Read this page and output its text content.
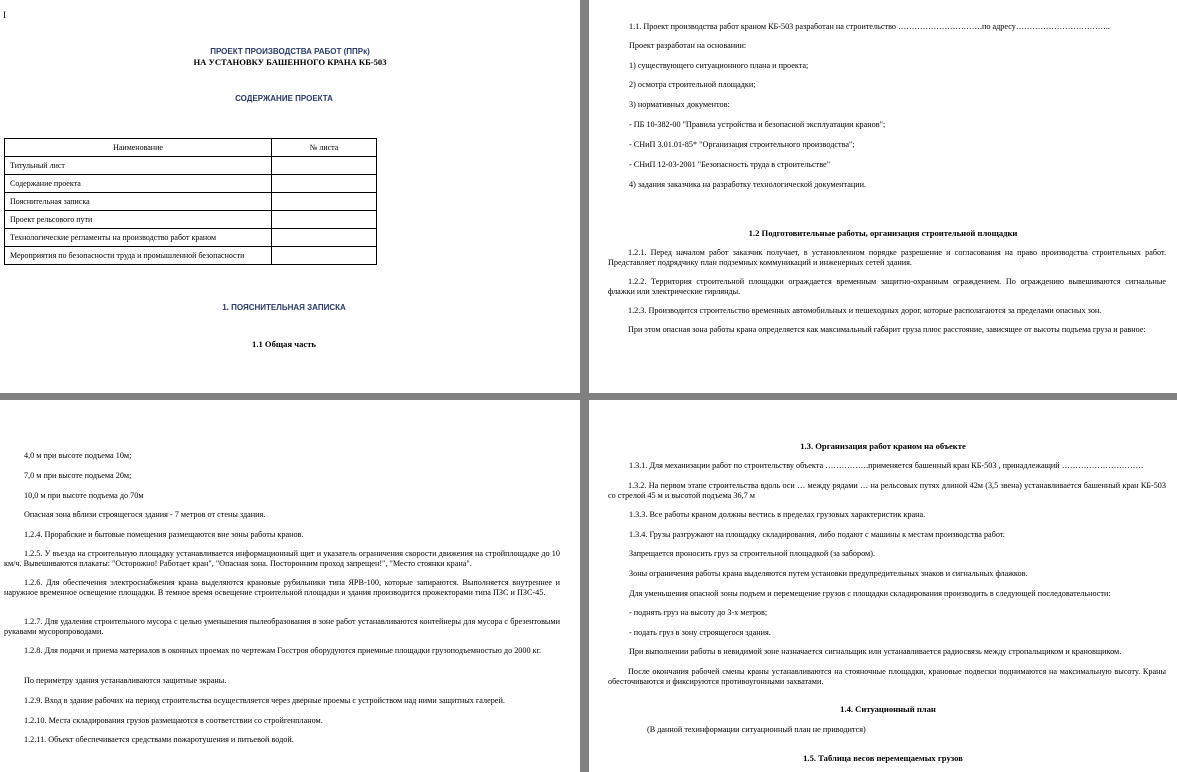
I
ПРОЕКТ ПРОИЗВОДСТВА РАБОТ (ППРк)
НА УСТАНОВКУ БАШЕННОГО КРАНА КБ-503
СОДЕРЖАНИЕ ПРОЕКТА
Наименование	№ листа
Титульный лист	
Содержание проекта	
Пояснительная записка	
Проект рельсового пути	
Технологические регламенты на производство работ краном	
Мероприятия по безопасности труда и промышленной безопасности	
1. ПОЯСНИТЕЛЬНАЯ ЗАПИСКА
1.1 Общая часть
1.1. Проект производства работ краном КБ-503 разработан на строительство ………………………….по адресу……………………………..
Проект разработан на основании:
1) существующего ситуационного плана и проекта;
2) осмотра строительной площадки;
3) нормативных документов:
- ПБ 10-382-00 "Правила устройства и безопасной эксплуатации кранов";
- СНиП 3.01.01-85* "Организация строительного производства";
- СНиП 12-03-2001 "Безопасность труда в строительстве"
4) задания заказчика на разработку технологической документации.
1.2 Подготовительные работы, организация строительной площадки
1.2.1. Перед началом работ заказчик получает, в установленном порядке разрешение и согласования на право производства строительных работ. Представляет подрядчику план подземных коммуникаций и инженерных сетей здания.
1.2.2. Территория строительной площадки ограждается временным защитно-охранным ограждением. По ограждению вывешиваются сигнальные флажки или электрические гирлянды.
1.2.3. Производится строительство временных автомобильных и пешеходных дорог, которые располагаются за пределами опасных зон.
При этом опасная зона работы крана определяется как максимальный габарит груза плюс расстояние, зависящее от высоты подъема груза и равное:
4,0 м при высоте подъема 10м;
7,0 м при высоте подъема 20м;
10,0 м при высоте подъема до 70м
Опасная зона вблизи строящегося здания - 7 метров от стены здания.
1.2.4. Прорабские и бытовые помещения размещаются вне зоны работы кранов.
1.2.5. У въезда на строительную площадку устанавливается информационный щит и указатель ограничения скорости движения на стройплощадке до 10 км/ч. Вывешиваются плакаты: "Осторожно! Работает кран", "Опасная зона. Посторонним проход запрещен!", "Место стоянки крана".
1.2.6. Для обеспечения электроснабжения крана выделяются крановые рубильники типа ЯРВ-100, которые запираются. Выполняется внутреннее и наружное временное освещение площадки. В темное время освещение строительной площадки и здания производится прожекторами типа ПЗС и ПЗС-45.
1.2.7. Для удаления строительного мусора с целью уменьшения пылеобразования в зоне работ устанавливаются контейнеры для мусора с брезентовыми рукавами мусоропроводами.
1.2.8. Для подачи и приема материалов в оконных проемах по чертежам Госстроя оборудуются приемные площадки грузоподъемностью до 2000 кг.
По периметру здания устанавливаются защитные экраны.
1.2.9. Вход в здание рабочих на период строительства осуществляется через дверные проемы с устройством над ними защитных галерей.
1.2.10. Места складирования грузов размещаются в соответствии со стройгенпланом.
1.2.11. Объект обеспечивается средствами пожаротушения и питьевой водой.
1.3. Организация работ краном на объекте
1.3.1. Для механизации работ по строительству объекта …………….применяется башенный кран КБ-503 , принадлежащий …………………………
1.3.2. На первом этапе строительства вдоль оси … между рядами … на рельсовых путях длиной 42м (3,5 звена) устанавливается башенный кран КБ-503 со стрелой 45 м и высотой подъема 36,7 м
1.3.3. Все работы краном должны вестись в пределах грузовых характеристик крана.
1.3.4. Грузы разгружают на площадку складирования, либо подают с машины к местам производства работ.
Запрещается проносить груз за строительной площадкой (за забором).
Зоны ограничения работы крана выделяются путем установки предупредительных знаков и сигнальных флажков.
Для уменьшения опасной зоны подъем и перемещение грузов с площадки складирования производить в следующей последовательности:
- поднять груз на высоту до 3-х метров;
- подать груз в зону строящегося здания.
При выполнении работы в невидимой зоне назначается сигнальщик или устанавливается радиосвязь между стропальщиком и крановщиком.
После окончания рабочей смены краны устанавливаются на стояночные площадки, крановые подвески поднимаются на максимальную высоту. Краны обесточиваются и фиксируются противоугонными захватами.
1.4. Ситуационный план
(В данной техинформации ситуационный план не приводится)
1.5. Таблица весов перемещаемых грузов
